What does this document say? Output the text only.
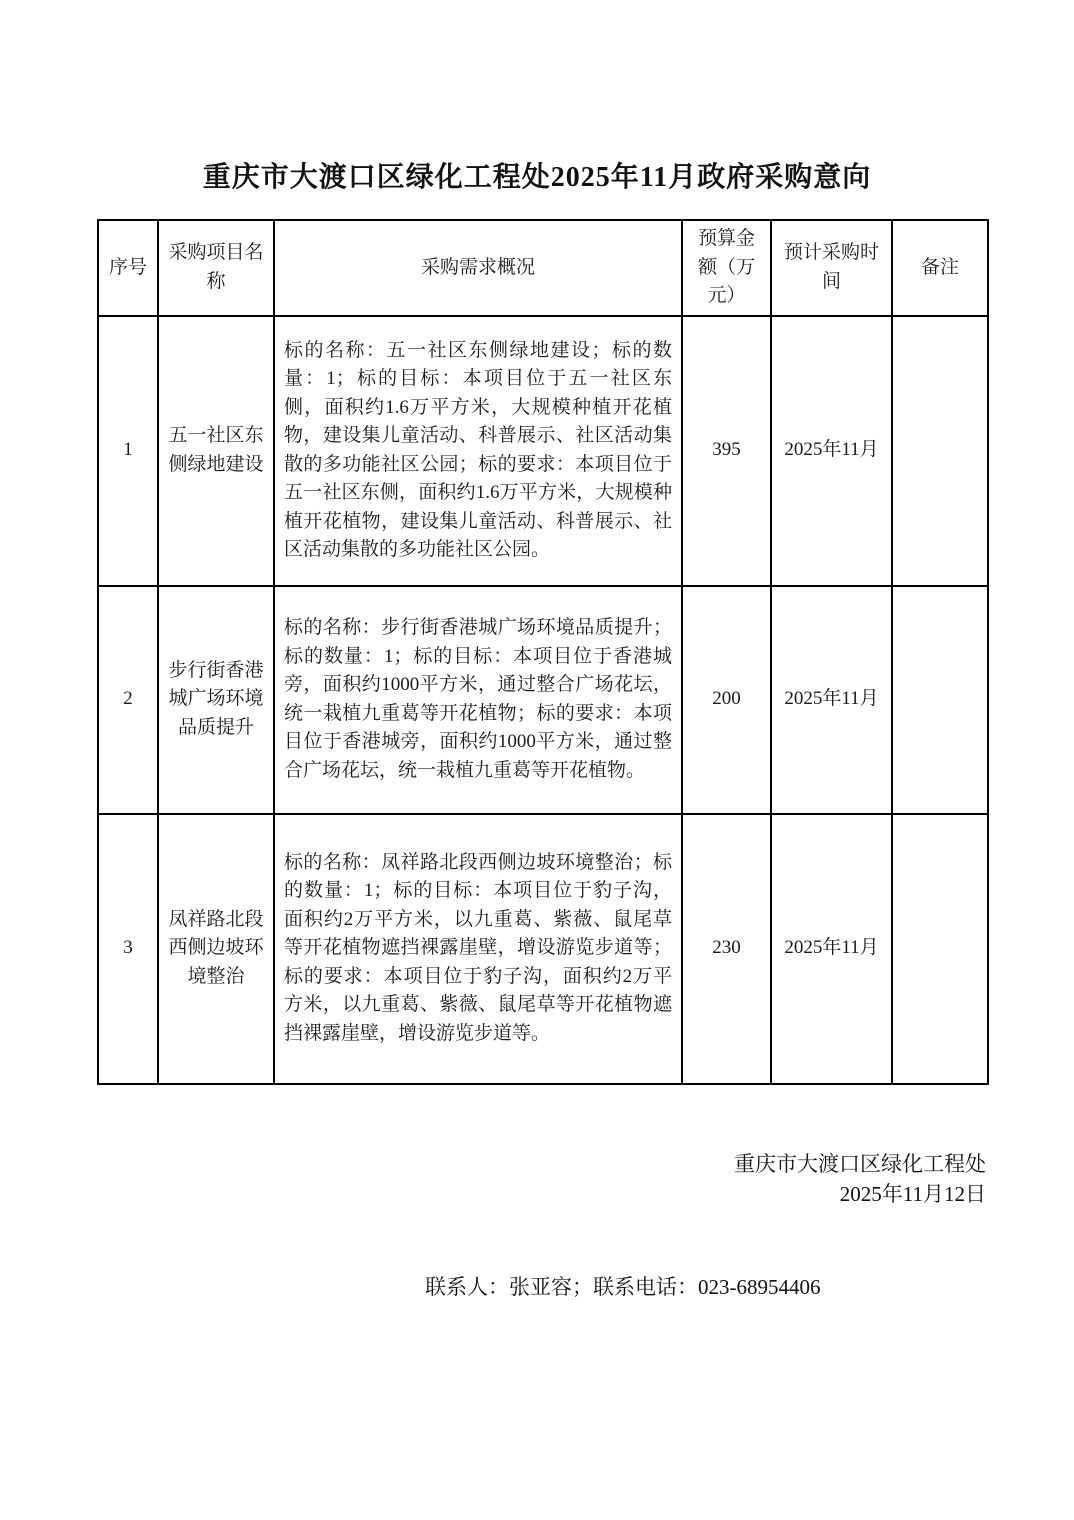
重庆市大渡口区绿化工程处2025年11月政府采购意向
序号	采购项目名称	采购需求概况	预算金额（万元）	预计采购时间	备注
1	五一社区东侧绿地建设	标的名称：五一社区东侧绿地建设；标的数量：1；标的目标：本项目位于五一社区东侧，面积约1.6万平方米，大规模种植开花植物，建设集儿童活动、科普展示、社区活动集散的多功能社区公园；标的要求：本项目位于五一社区东侧，面积约1.6万平方米，大规模种植开花植物，建设集儿童活动、科普展示、社区活动集散的多功能社区公园。	395	2025年11月	
2	步行街香港城广场环境品质提升	标的名称：步行街香港城广场环境品质提升；标的数量：1；标的目标：本项目位于香港城旁，面积约1000平方米，通过整合广场花坛，统一栽植九重葛等开花植物；标的要求：本项目位于香港城旁，面积约1000平方米，通过整合广场花坛，统一栽植九重葛等开花植物。	200	2025年11月	
3	凤祥路北段西侧边坡环境整治	标的名称：凤祥路北段西侧边坡环境整治；标的数量：1；标的目标：本项目位于豹子沟，面积约2万平方米，以九重葛、紫薇、鼠尾草等开花植物遮挡裸露崖壁，增设游览步道等；标的要求：本项目位于豹子沟，面积约2万平方米，以九重葛、紫薇、鼠尾草等开花植物遮挡裸露崖壁，增设游览步道等。	230	2025年11月	
重庆市大渡口区绿化工程处
2025年11月12日
联系人：张亚容；联系电话：023-68954406
